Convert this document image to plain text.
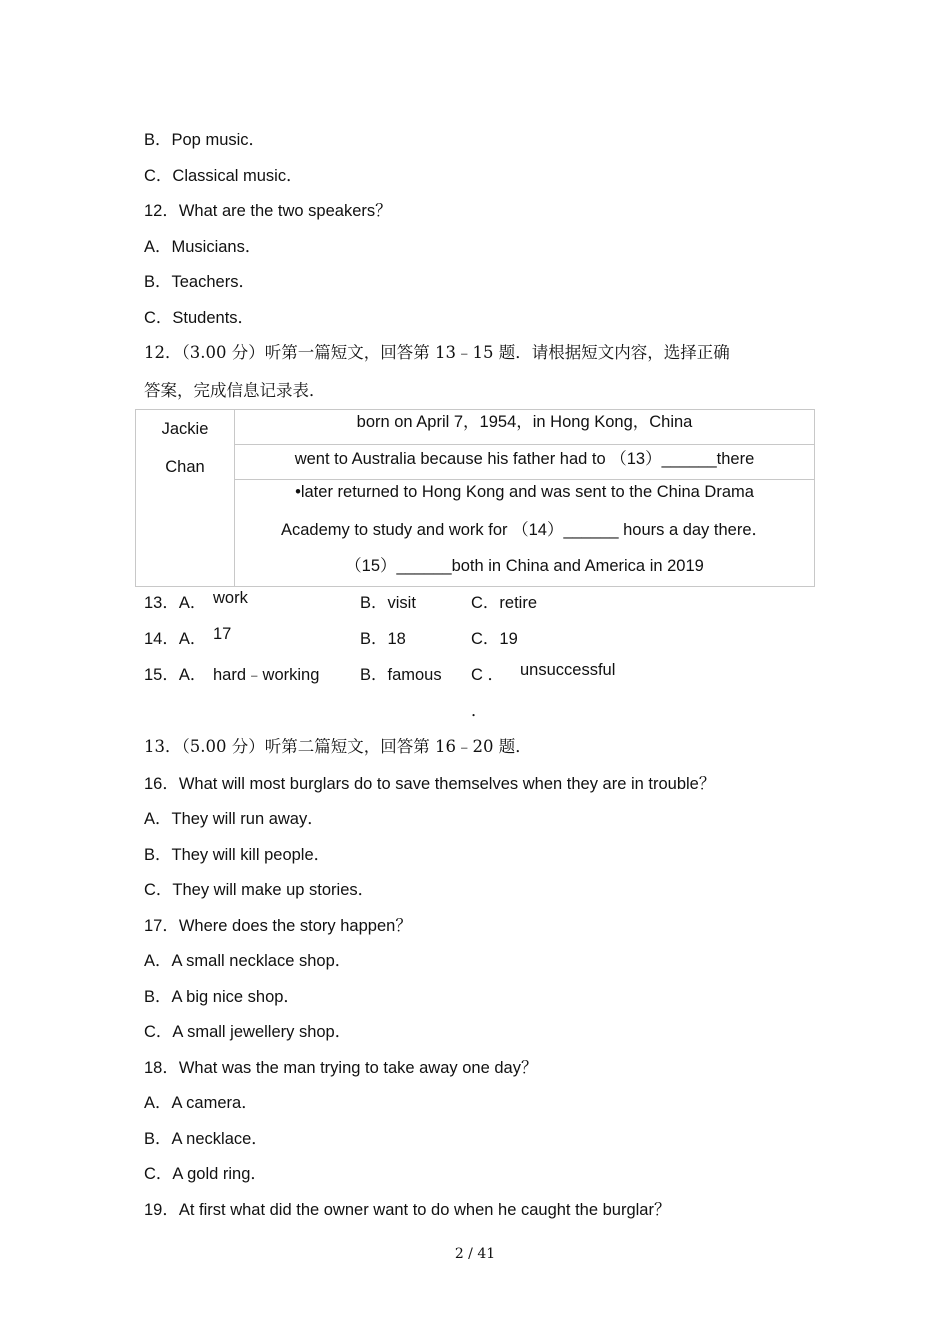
B．Pop music．
C．Classical music．
12．What are the two speakers？
A．Musicians．
B．Teachers．
C．Students．
12．（3.00 分）听第一篇短文，回答第 13﹣15 题．请根据短文内容，选择正确
答案，完成信息记录表．
Jackie
Chan
	born on April 7，1954，in Hong Kong，China
went to Australia because his father had to （13）______there

•later returned to Hong Kong and was sent to the China Drama
Academy to study and work for （14）______ hours a day there．
（15）______both in China and America in 2019
13．A． work	B．visit	C．retire
14．A． 17	B．18	C．19
15．A． hard﹣working B．famous C ． unsuccessful
．
13．（5.00 分）听第二篇短文，回答第 16﹣20 题．
16．What will most burglars do to save themselves when they are in trouble？
A．They will run away．
B．They will kill people．
C．They will make up stories．
17．Where does the story happen？
A．A small necklace shop．
B．A big nice shop．
C．A small jewellery shop．
18．What was the man trying to take away one day？
A．A camera．
B．A necklace．
C．A gold ring．
19．At first what did the owner want to do when he caught the burglar？
2 / 41
